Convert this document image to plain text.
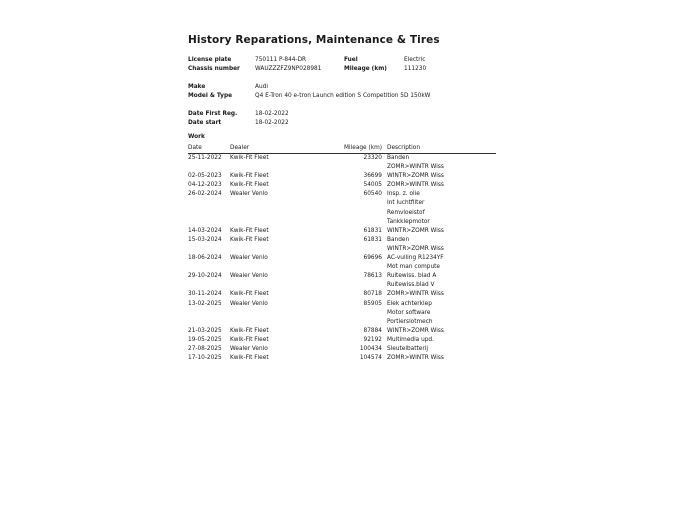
History Reparations, Maintenance & Tires
License plate	750111 P-844-DR	Fuel	Electric
Chassis number	WAUZZZFZ9NP028981	Mileage (km)	111230
Make	Audi
Model & Type	Q4 E-Tron 40 e-tron Launch edition S Competition 5D 150kW
Date First Reg.	18-02-2022
Date start	18-02-2022
Work
Date	Dealer	Mileage (km) Description
25-11-2022 Kwik-Fit Fleet	23320 Banden
ZOMR>WINTR Wiss
02-05-2023 Kwik-Fit Fleet	36699 WINTR>ZOMR Wiss
04-12-2023 Kwik-Fit Fleet	54005 ZOMR>WINTR Wiss
26-02-2024 Wealer Venlo	60540 Insp. z. olie
Int luchtfilter
Remvloeistof
Tankklepmotor
14-03-2024 Kwik-Fit Fleet	61831 WINTR>ZOMR Wiss
15-03-2024 Kwik-Fit Fleet	61831 Banden
WINTR>ZOMR Wiss
18-06-2024 Wealer Venlo	69696 AC-vulling R1234YF
Mot man compute
29-10-2024 Wealer Venlo	78613 Ruitewiss. blad A
Ruitewiss.blad V
30-11-2024 Kwik-Fit Fleet	80718 ZOMR>WINTR Wiss
13-02-2025 Wealer Venlo	85905 Elek achterklep
Motor software
Portierslotmech
21-03-2025 Kwik-Fit Fleet	87884 WINTR>ZOMR Wiss
19-05-2025 Kwik-Fit Fleet	92192 Multimedia upd.
27-08-2025 Wealer Venlo	100434 Sleutelbatterij
17-10-2025 Kwik-Fit Fleet	104574 ZOMR>WINTR Wiss
